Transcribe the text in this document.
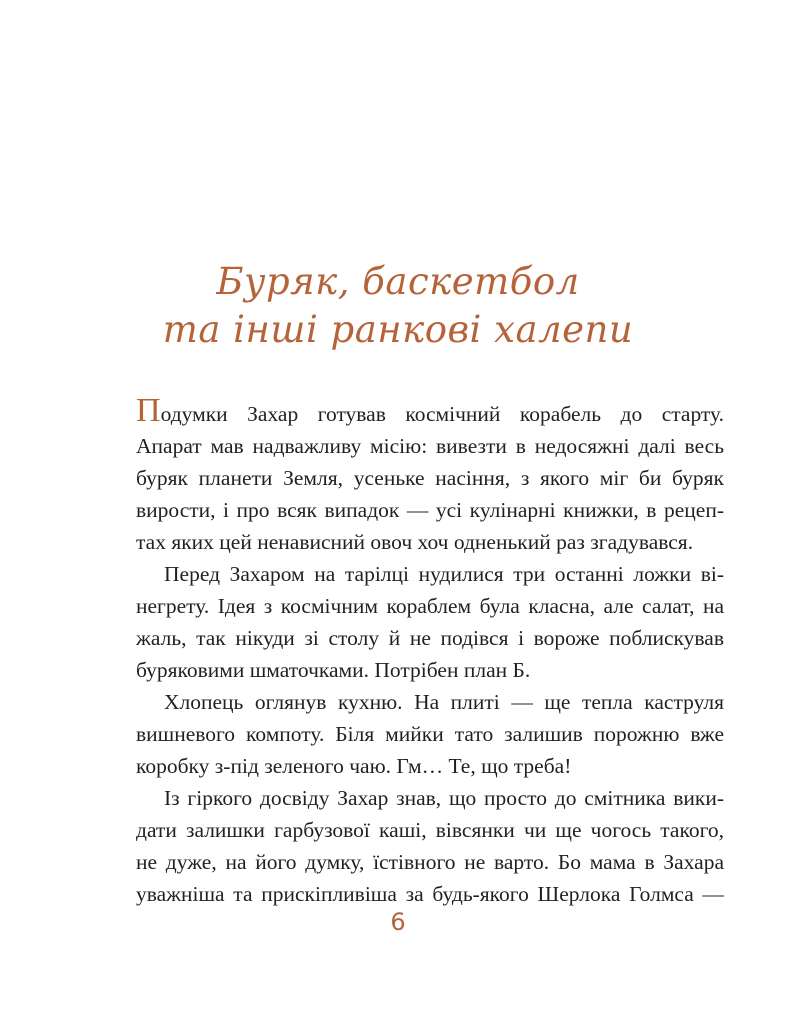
Буряк, баскетбол
та інші ранкові халепи
Подумки Захар готував космічний корабель до старту.
Апарат мав надважливу місію: вивезти в недосяжні далі весь
буряк планети Земля, усеньке насіння, з якого міг би буряк
вирости, і про всяк випадок — усі кулінарні книжки, в рецеп-
тах яких цей ненависний овоч хоч одненький раз згадувався.
Перед Захаром на тарілці нудилися три останні ложки ві-
негрету. Ідея з космічним кораблем була класна, але салат, на
жаль, так нікуди зі столу й не подівся і вороже поблискував
буряковими шматочками. Потрібен план Б.
Хлопець оглянув кухню. На плиті — ще тепла каструля
вишневого компоту. Біля мийки тато залишив порожню вже
коробку з-під зеленого чаю. Гм… Те, що треба!
Із гіркого досвіду Захар знав, що просто до смітника вики-
дати залишки гарбузової каші, вівсянки чи ще чогось такого,
не дуже, на його думку, їстівного не варто. Бо мама в Захара
уважніша та прискіпливіша за будь-якого Шерлока Голмса —
6
